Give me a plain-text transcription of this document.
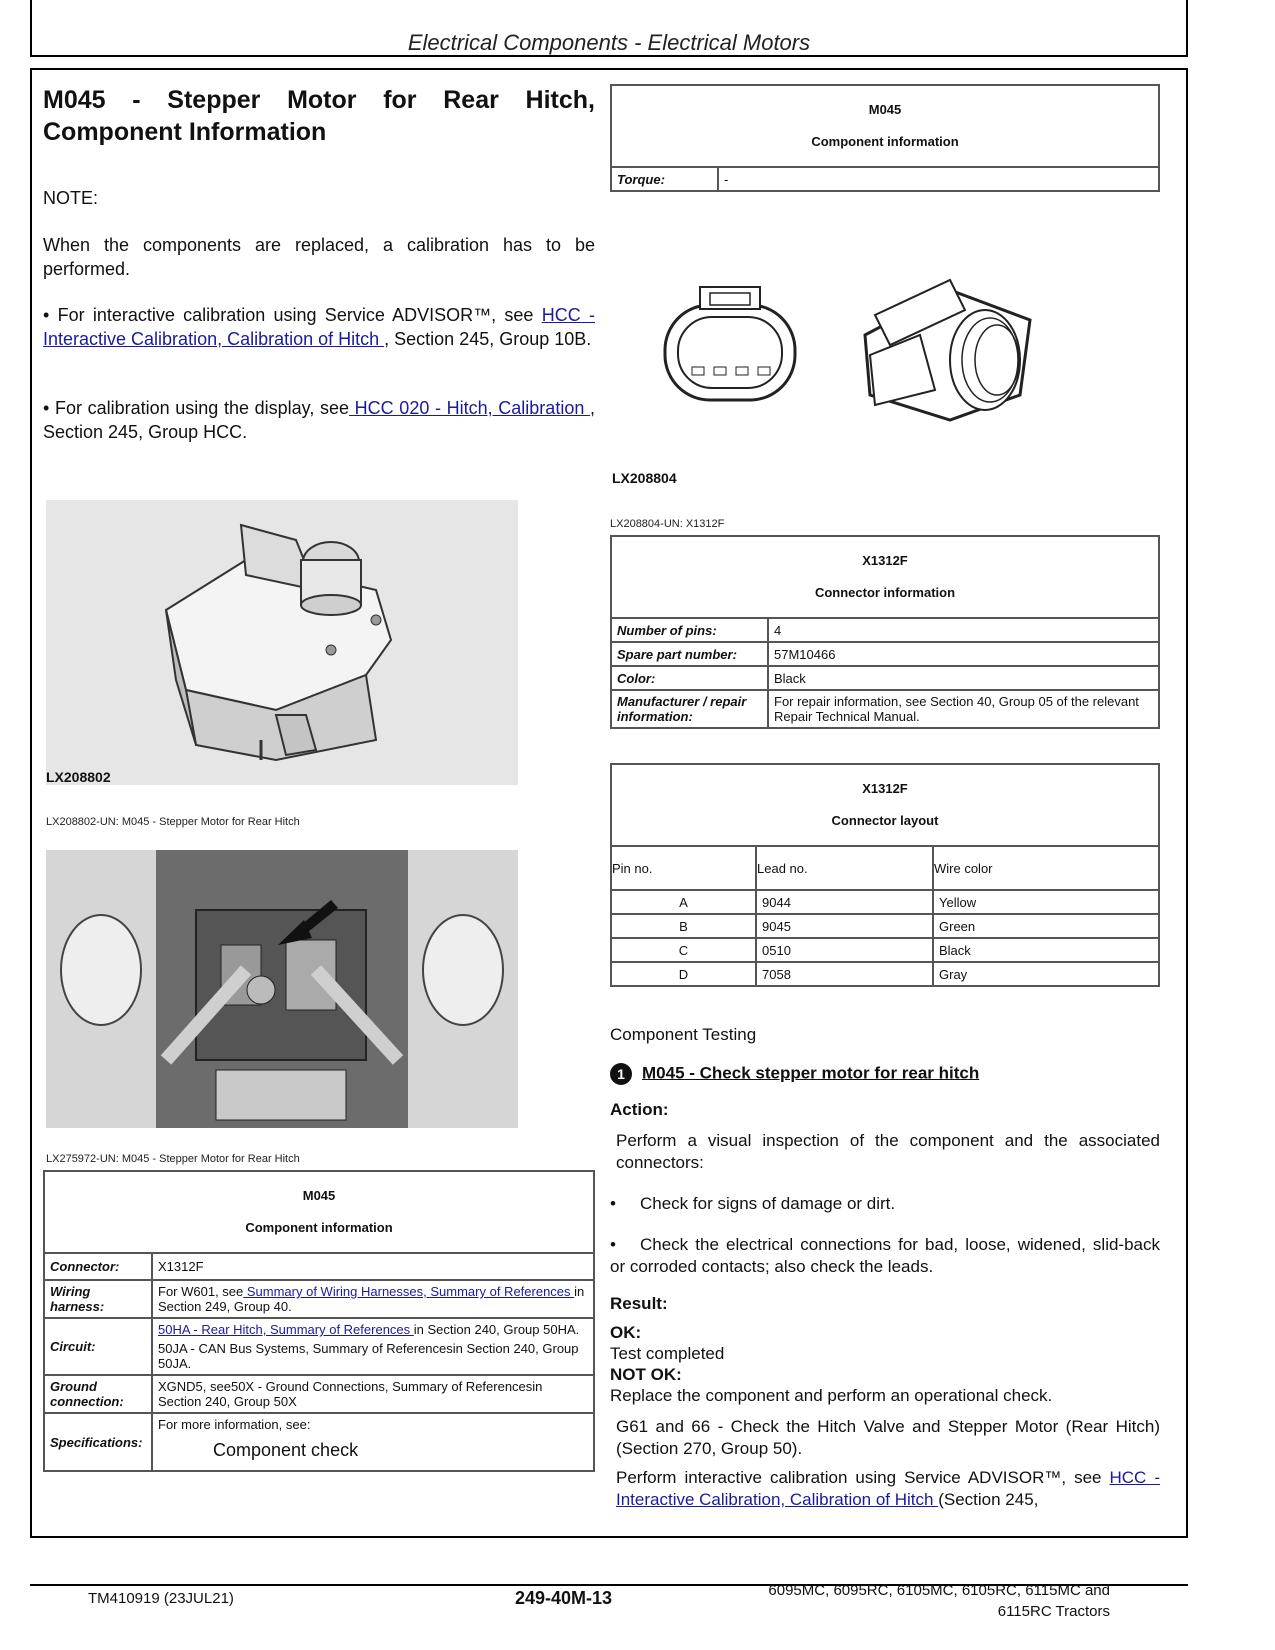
Electrical Components - Electrical Motors
M045 - Stepper Motor for Rear Hitch, Component Information
NOTE:
When the components are replaced, a calibration has to be performed.
• For interactive calibration using Service ADVISOR™, see HCC - Interactive Calibration, Calibration of Hitch , Section 245, Group 10B.
• For calibration using the display, see HCC 020 - Hitch, Calibration , Section 245, Group HCC.
LX208802
LX208802-UN: M045 - Stepper Motor for Rear Hitch
LX275972-UN: M045 - Stepper Motor for Rear Hitch
M045
Component information	

Connector:	X1312F
Wiring harness:	For W601, see Summary of Wiring Harnesses, Summary of References in Section 249, Group 40.
Circuit:	50HA - Rear Hitch, Summary of References in Section 240, Group 50HA.
50JA - CAN Bus Systems, Summary of Referencesin Section 240, Group 50JA.

Ground connection:	XGND5, see50X - Ground Connections, Summary of Referencesin Section 240, Group 50X
Specifications:	For more information, see:
Component check
M045
Component information

Torque:	-
LX208804
LX208804-UN: X1312F
X1312F
Connector information	

Number of pins:	4
Spare part number:	57M10466
Color:	Black
Manufacturer / repair information:	For repair information, see Section 40, Group 05 of the relevant Repair Technical Manual.
X1312F
Connector layout		

Pin no.	Lead no.	Wire color
A	9044	Yellow
B	9045	Green
C	0510	Black
D	7058	Gray
Component Testing
1 M045 - Check stepper motor for rear hitch
Action:
Perform a visual inspection of the component and the associated connectors:
• Check for signs of damage or dirt.
• Check the electrical connections for bad, loose, widened, slid-back or corroded contacts; also check the leads.
Result:
OK:
Test completed
NOT OK:
Replace the component and perform an operational check.
G61 and 66 - Check the Hitch Valve and Stepper Motor (Rear Hitch)(Section 270, Group 50).
Perform interactive calibration using Service ADVISOR™, see HCC - Interactive Calibration, Calibration of Hitch (Section 245,
TM410919 (23JUL21)	249-40M-13	6095MC, 6095RC, 6105MC, 6105RC, 6115MC and 6115RC Tractors
